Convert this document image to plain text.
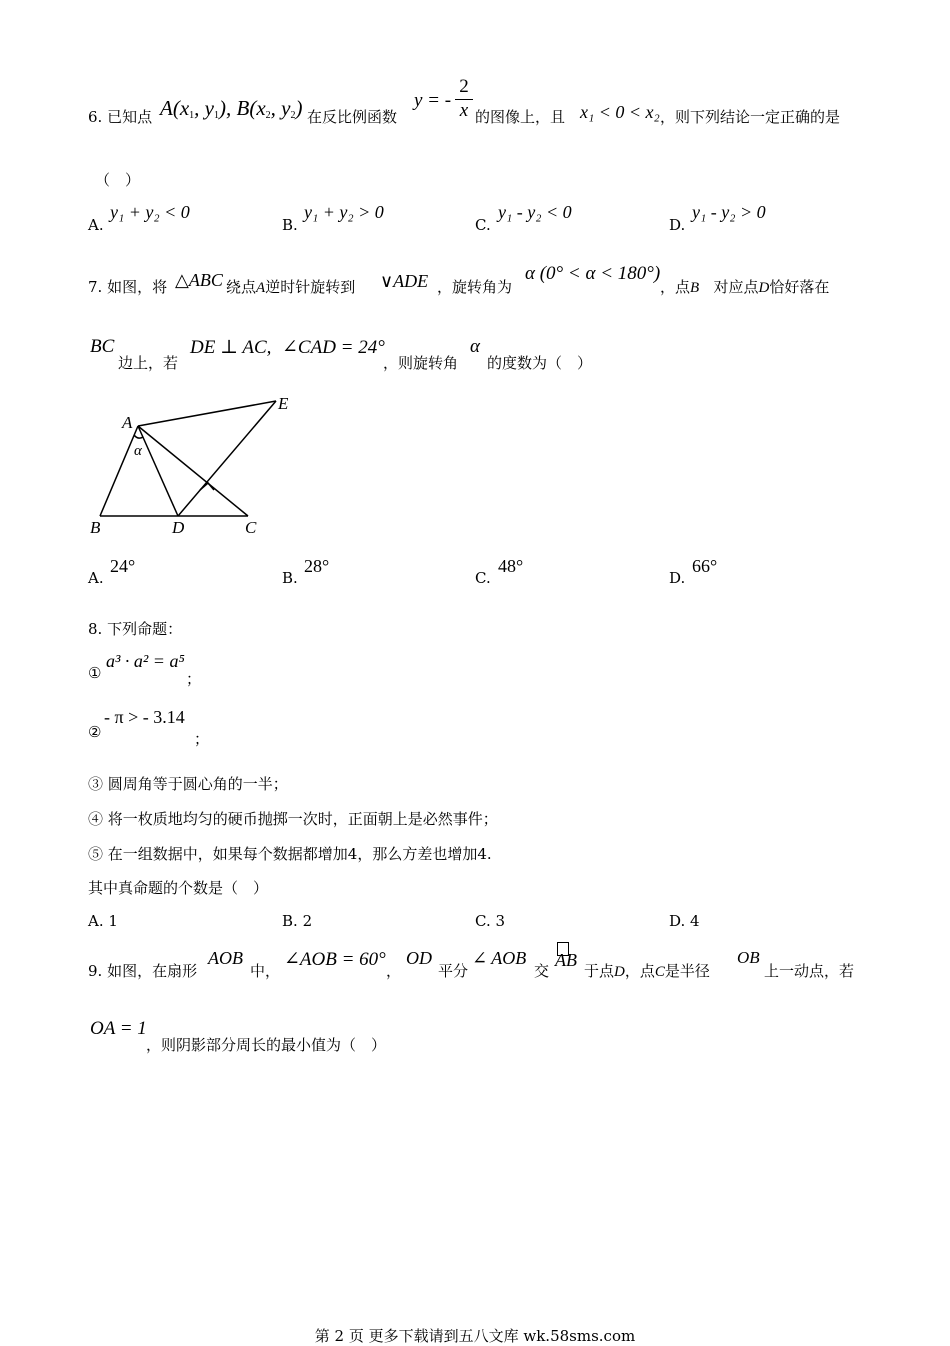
6. 已知点 $A(x_1$, $y_1$), $B(x_2$, $y_2$) 在反比例函数
y = -
2
x 的图像上，且 x₁ < 0 < x₂ ，则下列结论一定正确的是
（　）
A.
y₁ + y₂ < 0
B.
y₁ + y₂ > 0
C.
y₁ - y₂ < 0
D.
y₁ - y₂ > 0
7. 如图，将 △ABC 绕点A逆时针旋转到 ∨ADE ，旋转角为
α (0° < α < 180°)
，点B 对应点D恰好落在
BC
边上，若
DE ⊥ AC, ∠CAD = 24°
，则旋转角
α
的度数为（　）
A
B	C
D
E
α
A.
24°
B.
28°
C.
48°
D.
66°
8. 下列命题：
①
a³ · a² = a⁵
；
②
- π > - 3.14
；
③ 圆周角等于圆心角的一半；
④ 将一枚质地均匀的硬币抛掷一次时，正面朝上是必然事件；
⑤ 在一组数据中，如果每个数据都增加4，那么方差也增加4.
其中真命题的个数是（　）
A. 1	B. 2	C. 3	D. 4
9. 如图，在扇形
AOB
中，
∠AOB = 60°
，
OD
平分
∠ AOB
交
AB
于点D，点C是半径
OB
上一动点，若
OA = 1
，则阴影部分周长的最小值为（　）
第 2 页 更多下载请到五八文库 wk.58sms.com
